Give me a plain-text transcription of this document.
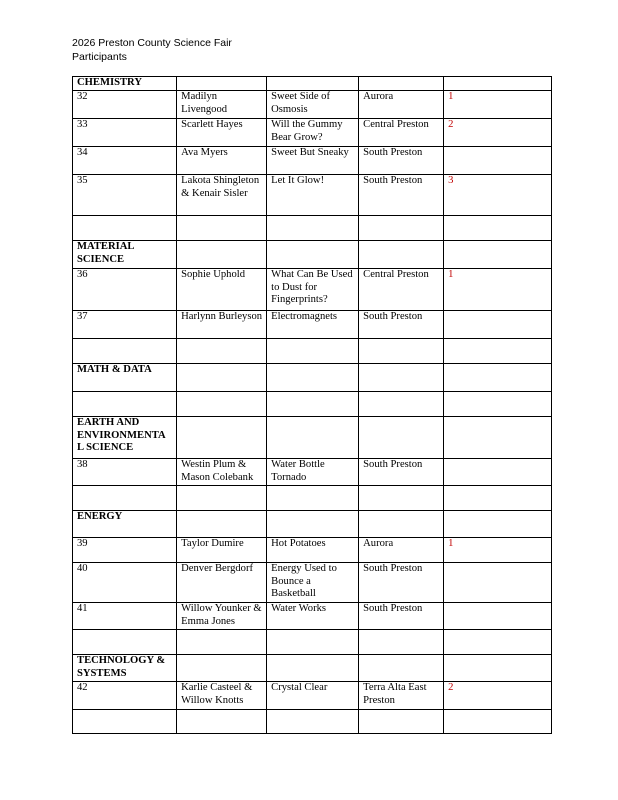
2026 Preston County Science Fair
Participants
CHEMISTRY				
32	Madilyn Livengood	Sweet Side of Osmosis	Aurora	1
33	Scarlett Hayes	Will the Gummy Bear Grow?	Central Preston	2
34	Ava Myers	Sweet But Sneaky	South Preston	
35	Lakota Shingleton & Kenair Sisler	Let It Glow!	South Preston	3

MATERIAL SCIENCE				
36	Sophie Uphold	What Can Be Used to Dust for Fingerprints?	Central Preston	1
37	Harlynn Burleyson	Electromagnets	South Preston	

MATH & DATA				

EARTH AND ENVIRONMENTAL SCIENCE				
38	Westin Plum & Mason Colebank	Water Bottle Tornado	South Preston	

ENERGY				
39	Taylor Dumire	Hot Potatoes	Aurora	1
40	Denver Bergdorf	Energy Used to Bounce a Basketball	South Preston	
41	Willow Younker & Emma Jones	Water Works	South Preston	

TECHNOLOGY & SYSTEMS				
42	Karlie Casteel & Willow Knotts	Crystal Clear	Terra Alta East Preston	2
